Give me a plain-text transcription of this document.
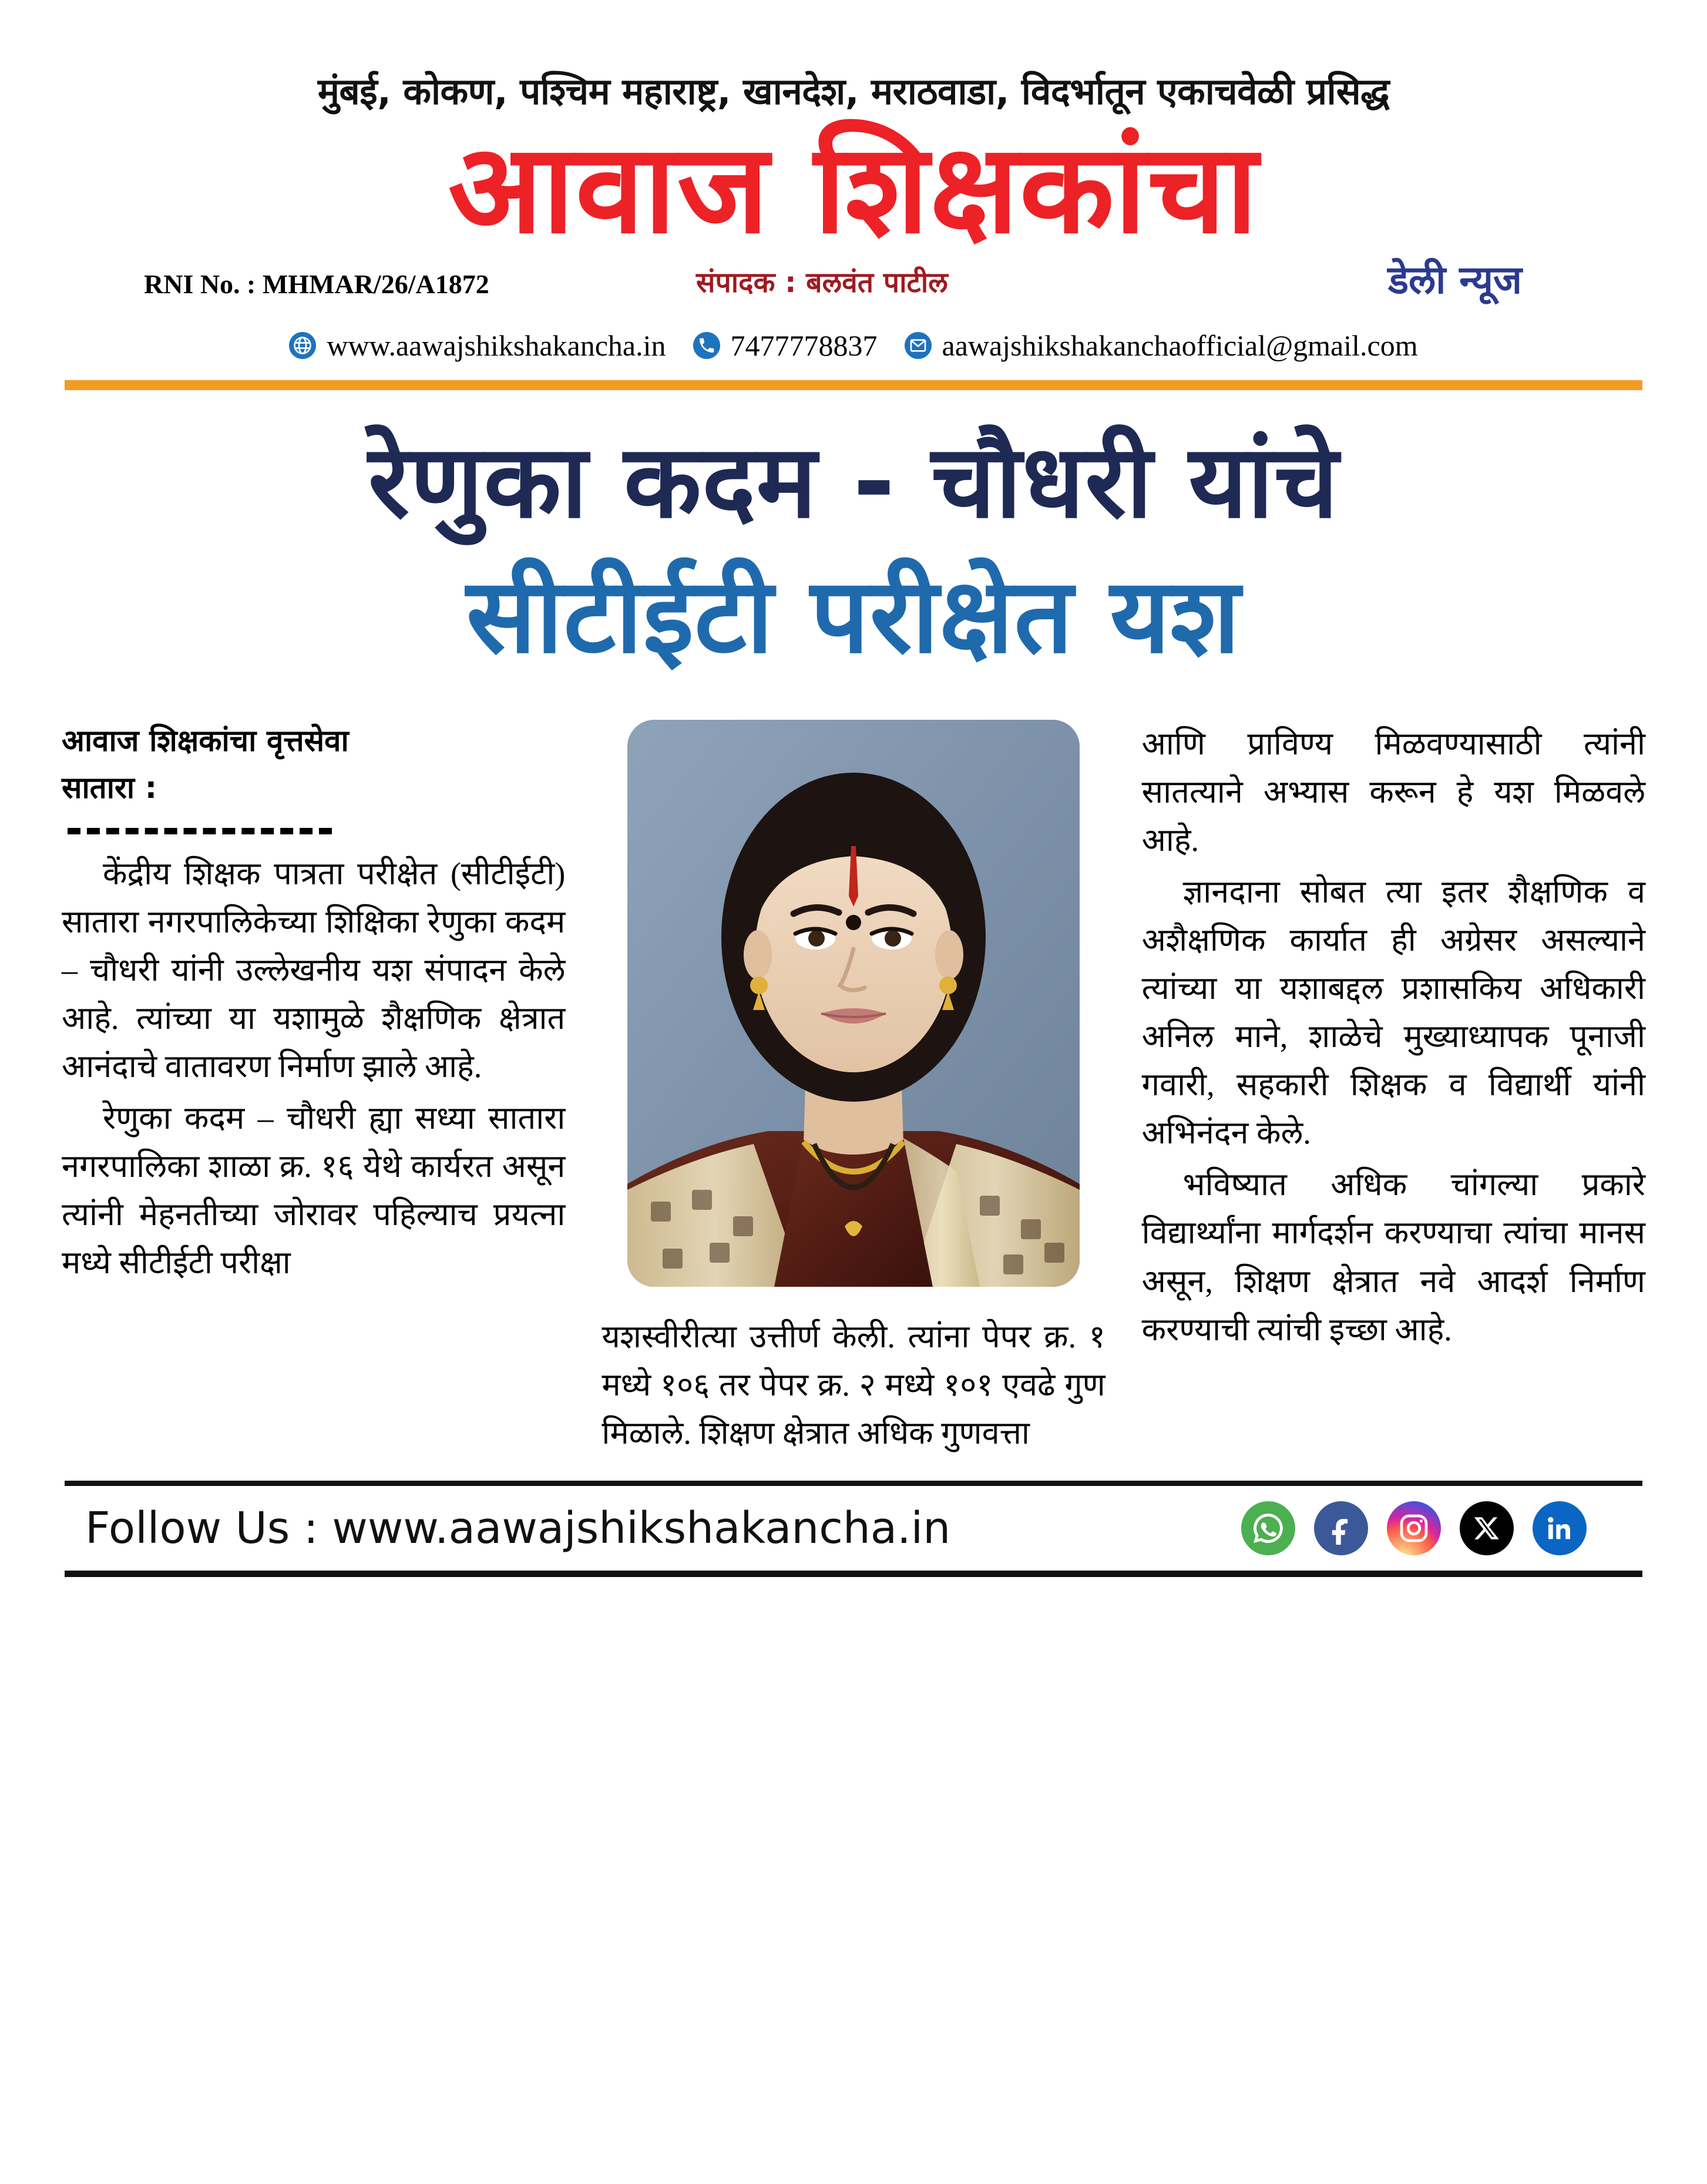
मुंबई, कोकण, पश्चिम महाराष्ट्र, खानदेश, मराठवाडा, विदर्भातून एकाचवेळी प्रसिद्ध
आवाज शिक्षकांचा
RNI No. : MHMAR/26/A1872	संपादक : बलवंत पाटील	डेली न्यूज
www.aawajshikshakancha.in 7477778837 aawajshikshakanchaofficial@gmail.com
रेणुका कदम - चौधरी यांचे
सीटीईटी परीक्षेत यश
आवाज शिक्षकांचा वृत्तसेवा
सातारा :

केंद्रीय शिक्षक पात्रता परीक्षेत (सीटीईटी) सातारा नगरपालिकेच्या शिक्षिका रेणुका कदम – चौधरी यांनी उल्लेखनीय यश संपादन केले आहे. त्यांच्या या यशामुळे शैक्षणिक क्षेत्रात आनंदाचे वातावरण निर्माण झाले आहे.

रेणुका कदम – चौधरी ह्या सध्या सातारा नगरपालिका शाळा क्र. १६ येथे कार्यरत असून त्यांनी मेहनतीच्या जोरावर पहिल्याच प्रयत्ना मध्ये सीटीईटी परीक्षा

यशस्वीरीत्या उत्तीर्ण केली. त्यांना पेपर क्र. १ मध्ये १०६ तर पेपर क्र. २ मध्ये १०१ एवढे गुण मिळाले. शिक्षण क्षेत्रात अधिक गुणवत्ता

आणि प्राविण्य मिळवण्यासाठी त्यांनी सातत्याने अभ्यास करून हे यश मिळवले आहे.

ज्ञानदाना सोबत त्या इतर शैक्षणिक व अशैक्षणिक कार्यात ही अग्रेसर असल्याने त्यांच्या या यशाबद्दल प्रशासकिय अधिकारी अनिल माने, शाळेचे मुख्याध्यापक पूनाजी गवारी, सहकारी शिक्षक व विद्यार्थी यांनी अभिनंदन केले.

भविष्यात अधिक चांगल्या प्रकारे विद्यार्थ्यांना मार्गदर्शन करण्याचा त्यांचा मानस असून, शिक्षण क्षेत्रात नवे आदर्श निर्माण करण्याची त्यांची इच्छा आहे.

Follow Us : www.aawajshikshakancha.in
